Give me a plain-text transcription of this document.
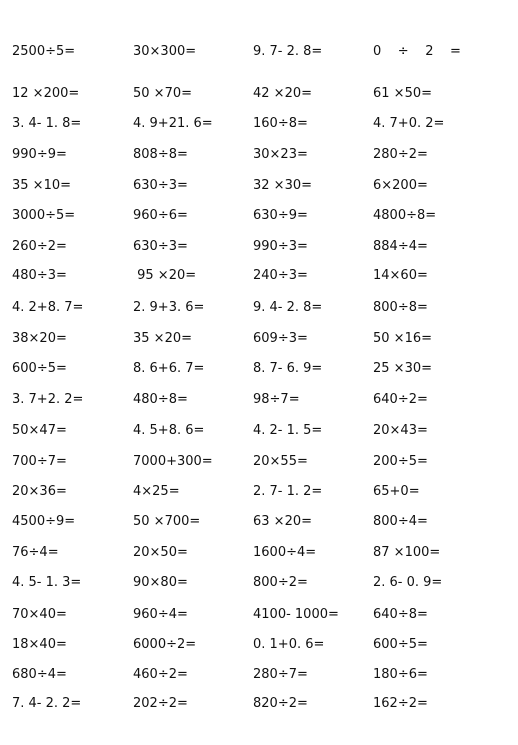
2500÷5=	30×300=	9. 7- 2. 8=	0    ÷    2    =
12 ×200=	50 ×70=	42 ×20=	61 ×50=
3. 4- 1. 8=	4. 9+21. 6=	160÷8=	4. 7+0. 2=
990÷9=	808÷8=	30×23=	280÷2=
35 ×10=	630÷3=	32 ×30=	6×200=
3000÷5=	960÷6=	630÷9=	4800÷8=
260÷2=	630÷3=	990÷3=	884÷4=
480÷3=	95 ×20=	240÷3=	14×60=
4. 2+8. 7=	2. 9+3. 6=	9. 4- 2. 8=	800÷8=
38×20=	35 ×20=	609÷3=	50 ×16=
600÷5=	8. 6+6. 7=	8. 7- 6. 9=	25 ×30=
3. 7+2. 2=	480÷8=	98÷7=	640÷2=
50×47=	4. 5+8. 6=	4. 2- 1. 5=	20×43=
700÷7=	7000+300=	20×55=	200÷5=
20×36=	4×25=	2. 7- 1. 2=	65+0=
4500÷9=	50 ×700=	63 ×20=	800÷4=
76÷4=	20×50=	1600÷4=	87 ×100=
4. 5- 1. 3=	90×80=	800÷2=	2. 6- 0. 9=
70×40=	960÷4=	4100- 1000=	640÷8=
18×40=	6000÷2=	0. 1+0. 6=	600÷5=
680÷4=	460÷2=	280÷7=	180÷6=
7. 4- 2. 2=	202÷2=	820÷2=	162÷2=
